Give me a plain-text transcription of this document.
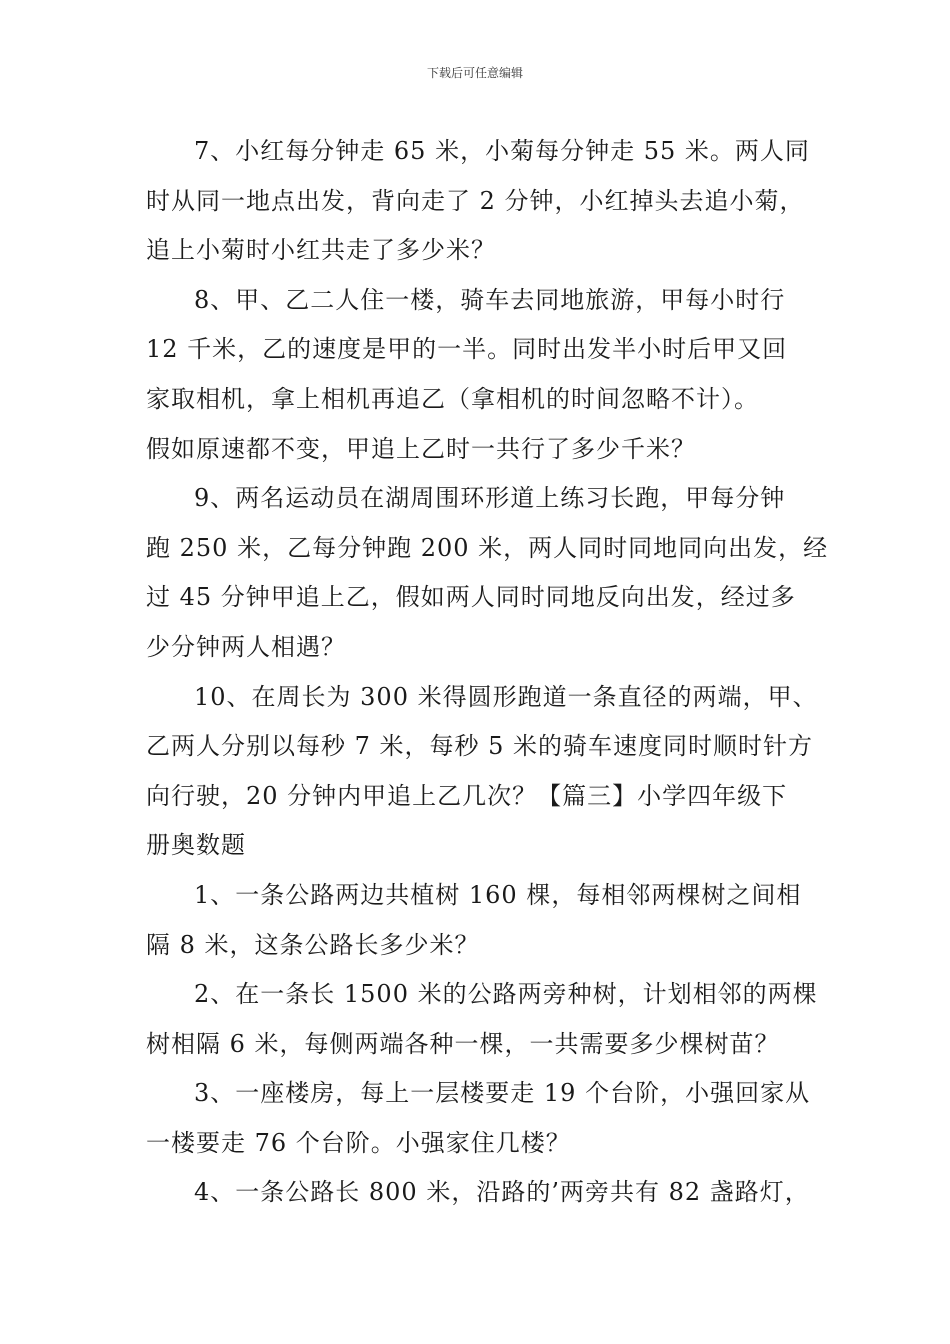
下载后可任意编辑
7、小红每分钟走 65 米，小菊每分钟走 55 米。两人同
时从同一地点出发，背向走了 2 分钟，小红掉头去追小菊，
追上小菊时小红共走了多少米？
8、甲、乙二人住一楼，骑车去同地旅游，甲每小时行
12 千米，乙的速度是甲的一半。同时出发半小时后甲又回
家取相机，拿上相机再追乙（拿相机的时间忽略不计）。
假如原速都不变，甲追上乙时一共行了多少千米？
9、两名运动员在湖周围环形道上练习长跑，甲每分钟
跑 250 米，乙每分钟跑 200 米，两人同时同地同向出发，经
过 45 分钟甲追上乙，假如两人同时同地反向出发，经过多
少分钟两人相遇？
10、在周长为 300 米得圆形跑道一条直径的两端，甲、
乙两人分别以每秒 7 米，每秒 5 米的骑车速度同时顺时针方
向行驶，20 分钟内甲追上乙几次？【篇三】小学四年级下
册奥数题
1、一条公路两边共植树 160 棵，每相邻两棵树之间相
隔 8 米，这条公路长多少米？
2、在一条长 1500 米的公路两旁种树，计划相邻的两棵
树相隔 6 米，每侧两端各种一棵，一共需要多少棵树苗？
3、一座楼房，每上一层楼要走 19 个台阶，小强回家从
一楼要走 76 个台阶。小强家住几楼？
4、一条公路长 800 米，沿路的’两旁共有 82 盏路灯，
